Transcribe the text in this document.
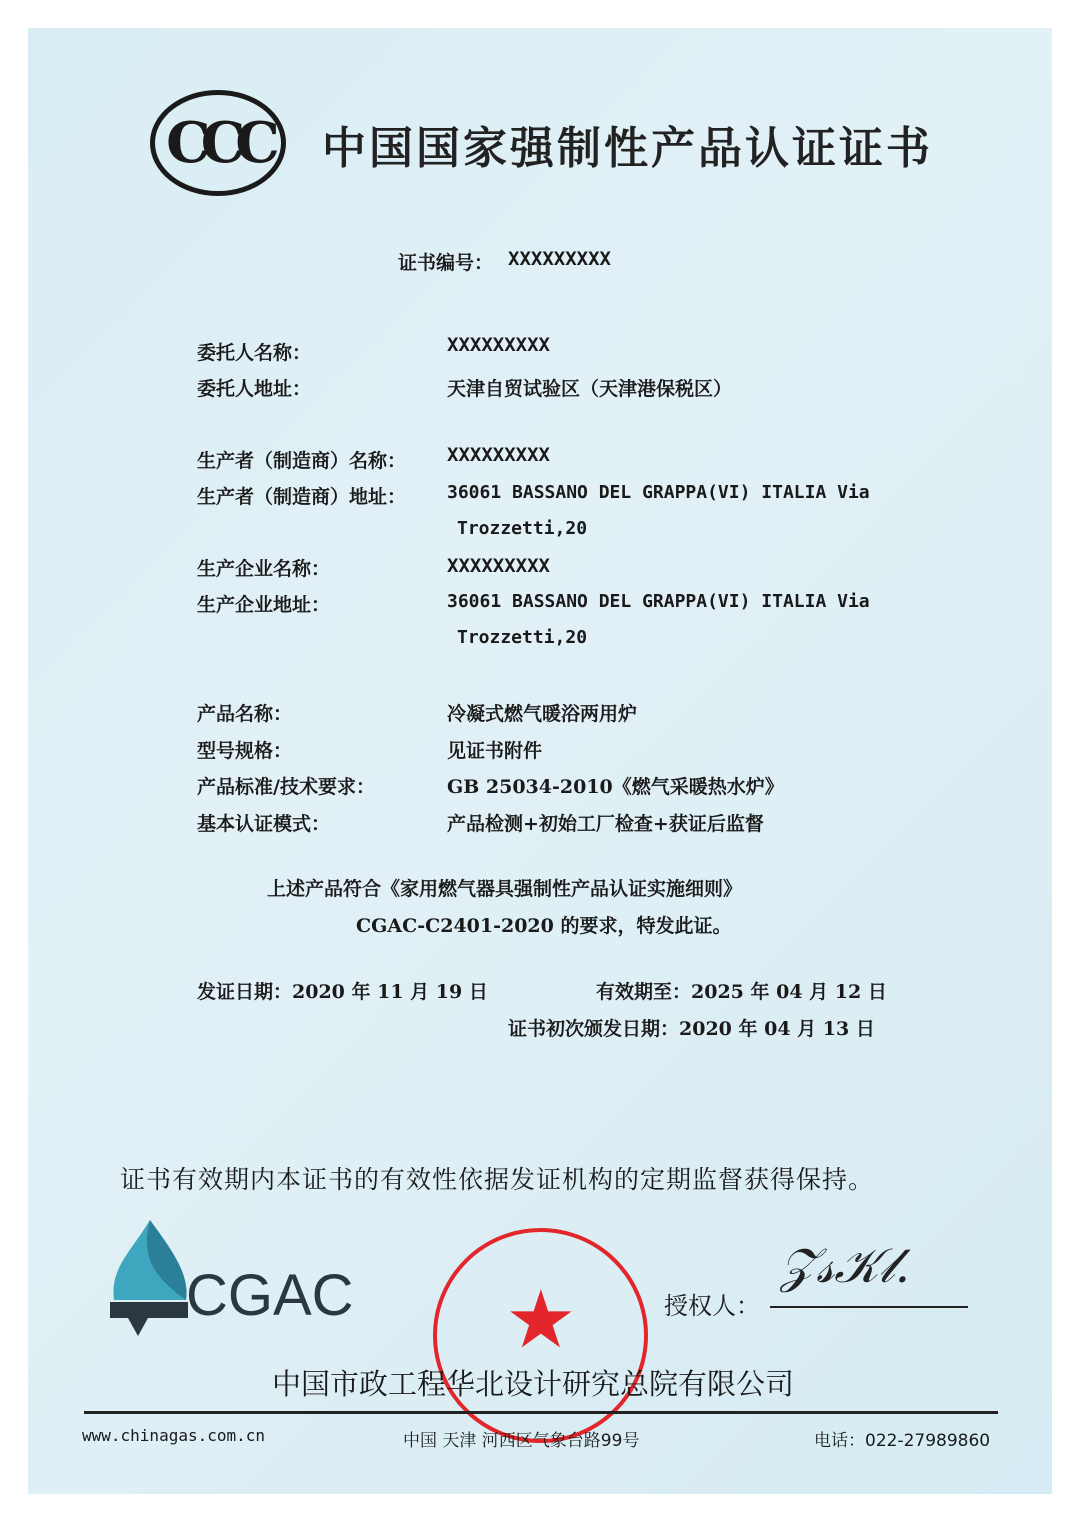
CCC 中国国家强制性产品认证证书
证书编号： XXXXXXXXX
委托人名称：	XXXXXXXXX
委托人地址：	天津自贸试验区（天津港保税区）
生产者（制造商）名称： XXXXXXXXX
生产者（制造商）地址： 36061 BASSANO DEL GRAPPA(VI) ITALIA Via
Trozzetti,20
生产企业名称：	XXXXXXXXX
生产企业地址：	36061 BASSANO DEL GRAPPA(VI) ITALIA Via
Trozzetti,20
产品名称：	冷凝式燃气暖浴两用炉
型号规格：	见证书附件
产品标准/技术要求：	GB 25034-2010《燃气采暖热水炉》
基本认证模式：	产品检测+初始工厂检查+获证后监督
上述产品符合《家用燃气器具强制性产品认证实施细则》
CGAC-C2401-2020 的要求，特发此证。
发证日期：2020 年 11 月 19 日	有效期至：2025 年 04 月 12 日
证书初次颁发日期：2020 年 04 月 13 日
证书有效期内本证书的有效性依据发证机构的定期监督获得保持。
CGAC ★	授权人：
𝒵𝓈𝒦𝓁.
中国市政工程华北设计研究总院有限公司
www.chinagas.com.cn	中国 天津 河西区气象台路99号	电话：022-27989860
